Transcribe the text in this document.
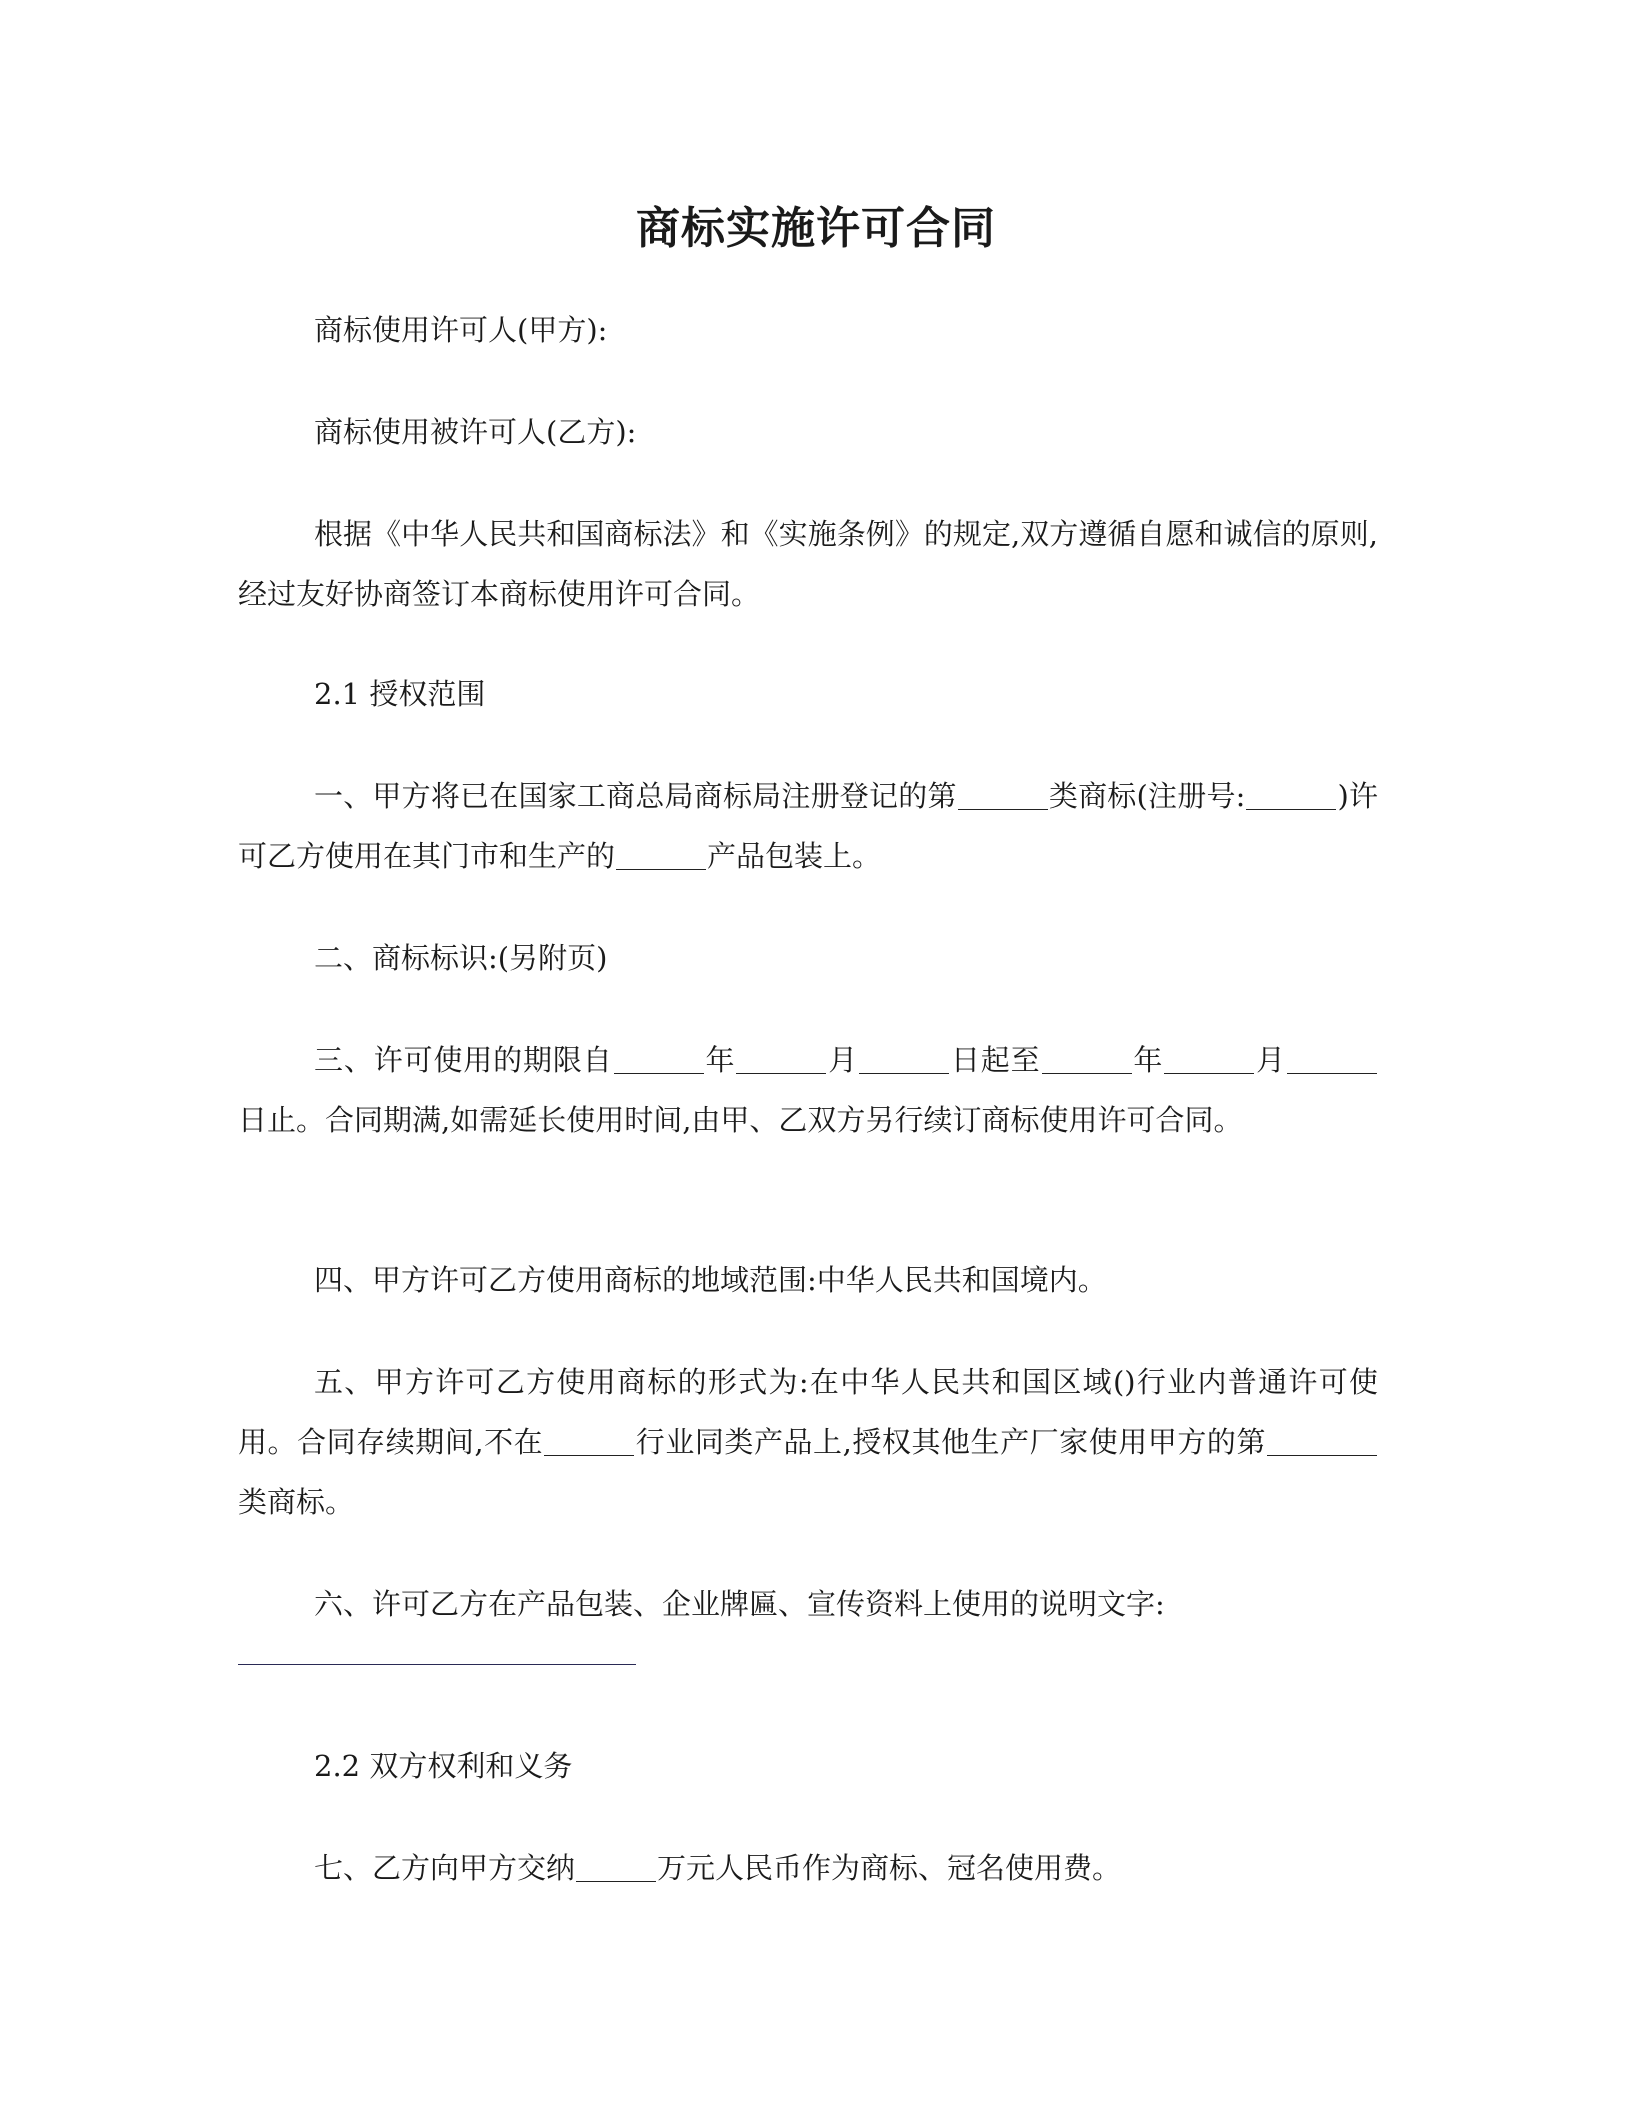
商标实施许可合同

商标使用许可人(甲方):

商标使用被许可人(乙方):

根据《中华人民共和国商标法》和《实施条例》的规定,双方遵循自愿和诚信的原则,经过友好协商签订本商标使用许可合同。

2.1 授权范围

一、甲方将已在国家工商总局商标局注册登记的第	类商标(注册号:	)许可乙方使用在其门市和生产的	产品包装上。

二、商标标识:(另附页)

三、许可使用的期限自	年	月	日起至	年	月日止。合同期满,如需延长使用时间,由甲、乙双方另行续订商标使用许可合同。

四、甲方许可乙方使用商标的地域范围:中华人民共和国境内。

五、甲方许可乙方使用商标的形式为:在中华人民共和国区域()行业内普通许可使用。合同存续期间,不在	行业同类产品上,授权其他生产厂家使用甲方的第类商标。

六、许可乙方在产品包装、企业牌匾、宣传资料上使用的说明文字:

2.2 双方权利和义务

七、乙方向甲方交纳	万元人民币作为商标、冠名使用费。
